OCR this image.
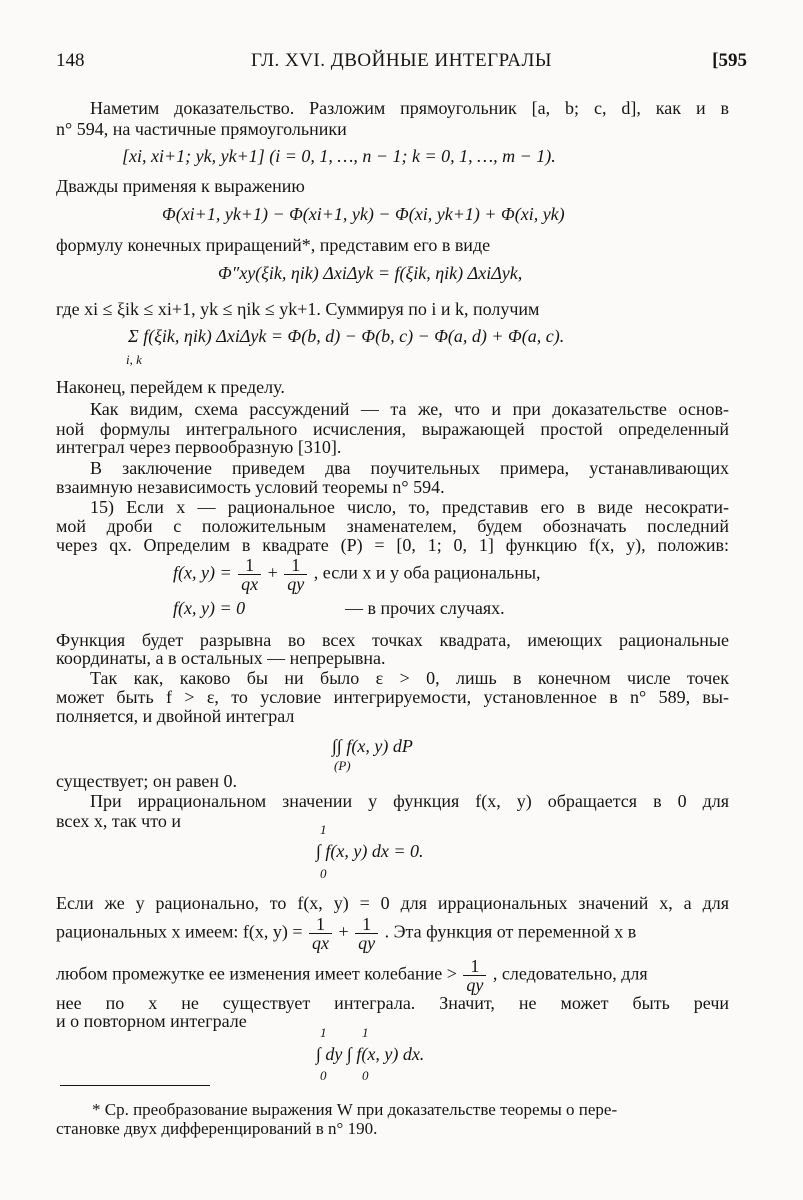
148	ГЛ. XVI. ДВОЙНЫЕ ИНТЕГРАЛЫ	[595
Наметим доказательство. Разложим прямоугольник [a, b; c, d], как и в
n° 594, на частичные прямоугольники
[xi, xi+1; yk, yk+1] (i = 0, 1, …, n − 1; k = 0, 1, …, m − 1).
Дважды применяя к выражению
Φ(xi+1, yk+1) − Φ(xi+1, yk) − Φ(xi, yk+1) + Φ(xi, yk)
формулу конечных приращений*, представим его в виде
Φ″xy(ξik, ηik) ΔxiΔyk = f(ξik, ηik) ΔxiΔyk,
где xi ≤ ξik ≤ xi+1, yk ≤ ηik ≤ yk+1. Суммируя по i и k, получим
Σ f(ξik, ηik) ΔxiΔyk = Φ(b, d) − Φ(b, c) − Φ(a, d) + Φ(a, c).
i, k
Наконец, перейдем к пределу.
Как видим, схема рассуждений — та же, что и при доказательстве основ-
ной формулы интегрального исчисления, выражающей простой определенный
интеграл через первообразную [310].
В заключение приведем два поучительных примера, устанавливающих
взаимную независимость условий теоремы n° 594.
15) Если x — рациональное число, то, представив его в виде несократи-
мой дроби с положительным знаменателем, будем обозначать последний
через qx. Определим в квадрате (P) = [0, 1; 0, 1] функцию f(x, y), положив:
f(x, $y) = \frac{1}{qx} + \frac{1}{qy}$ , если x и y оба рациональны,
f(x, y) = 0	— в прочих случаях.
Функция будет разрывна во всех точках квадрата, имеющих рациональные
координаты, а в остальных — непрерывна.
Так как, каково бы ни было ε > 0, лишь в конечном числе точек
может быть f > ε, то условие интегрируемости, установленное в n° 589, вы-
полняется, и двойной интеграл
∫∫ f(x, y) dP
(P)
существует; он равен 0.
При иррациональном значении y функция f(x, y) обращается в 0 для
всех x, так что и	1
∫ f(x, y) dx = 0.
0
Если же y рационально, то f(x, y) = 0 для иррациональных значений x, а для
рациональных x имеем: f(x, $y) = \frac{1}{qx} + \frac{1}{qy}$ . Эта функция от переменной x в
любом промежутке ее изменения имеет колебание > $\frac{1}{qy}$ , следовательно, для
нее по x не существует интеграла. Значит, не может быть речи
и о повторном интеграле
1	1
∫ dy ∫ f(x, y) dx.
0	0
* Ср. преобразование выражения W при доказательстве теоремы о пере-
становке двух дифференцирований в n° 190.
